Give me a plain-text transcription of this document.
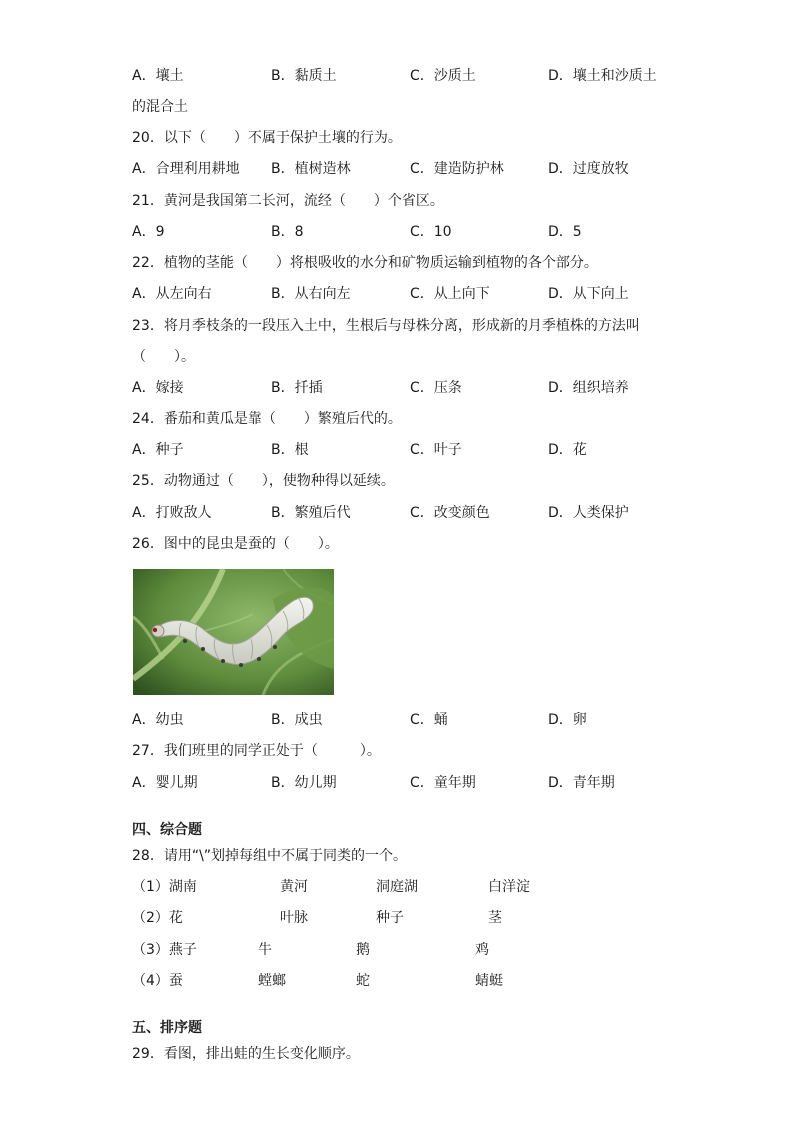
A．壤土	B．黏质土	C．沙质土	D．壤土和沙质土
的混合土
20．以下（　　）不属于保护土壤的行为。
A．合理利用耕地 B．植树造林	C．建造防护林	D．过度放牧
21．黄河是我国第二长河，流经（　　）个省区。
A．9	B．8	C．10	D．5
22．植物的茎能（　　）将根吸收的水分和矿物质运输到植物的各个部分。
A．从左向右	B．从右向左	C．从上向下	D．从下向上
23．将月季枝条的一段压入土中，生根后与母株分离，形成新的月季植株的方法叫
（　　）。
A．嫁接	B．扦插	C．压条	D．组织培养
24．番茄和黄瓜是靠（　　）繁殖后代的。
A．种子	B．根	C．叶子	D．花
25．动物通过（　　），使物种得以延续。
A．打败敌人	B．繁殖后代	C．改变颜色	D．人类保护
26．图中的昆虫是蚕的（　　）。
A．幼虫	B．成虫	C．蛹	D．卵
27．我们班里的同学正处于（　　　）。
A．婴儿期	B．幼儿期	C．童年期	D．青年期
四、综合题
28．请用“\”划掉每组中不属于同类的一个。
（1）湖南	黄河	洞庭湖	白洋淀
（2）花	叶脉	种子	茎
（3）燕子	牛	鹅	鸡
（4）蚕	螳螂	蛇	蜻蜓
五、排序题
29．看图，排出蛙的生长变化顺序。
